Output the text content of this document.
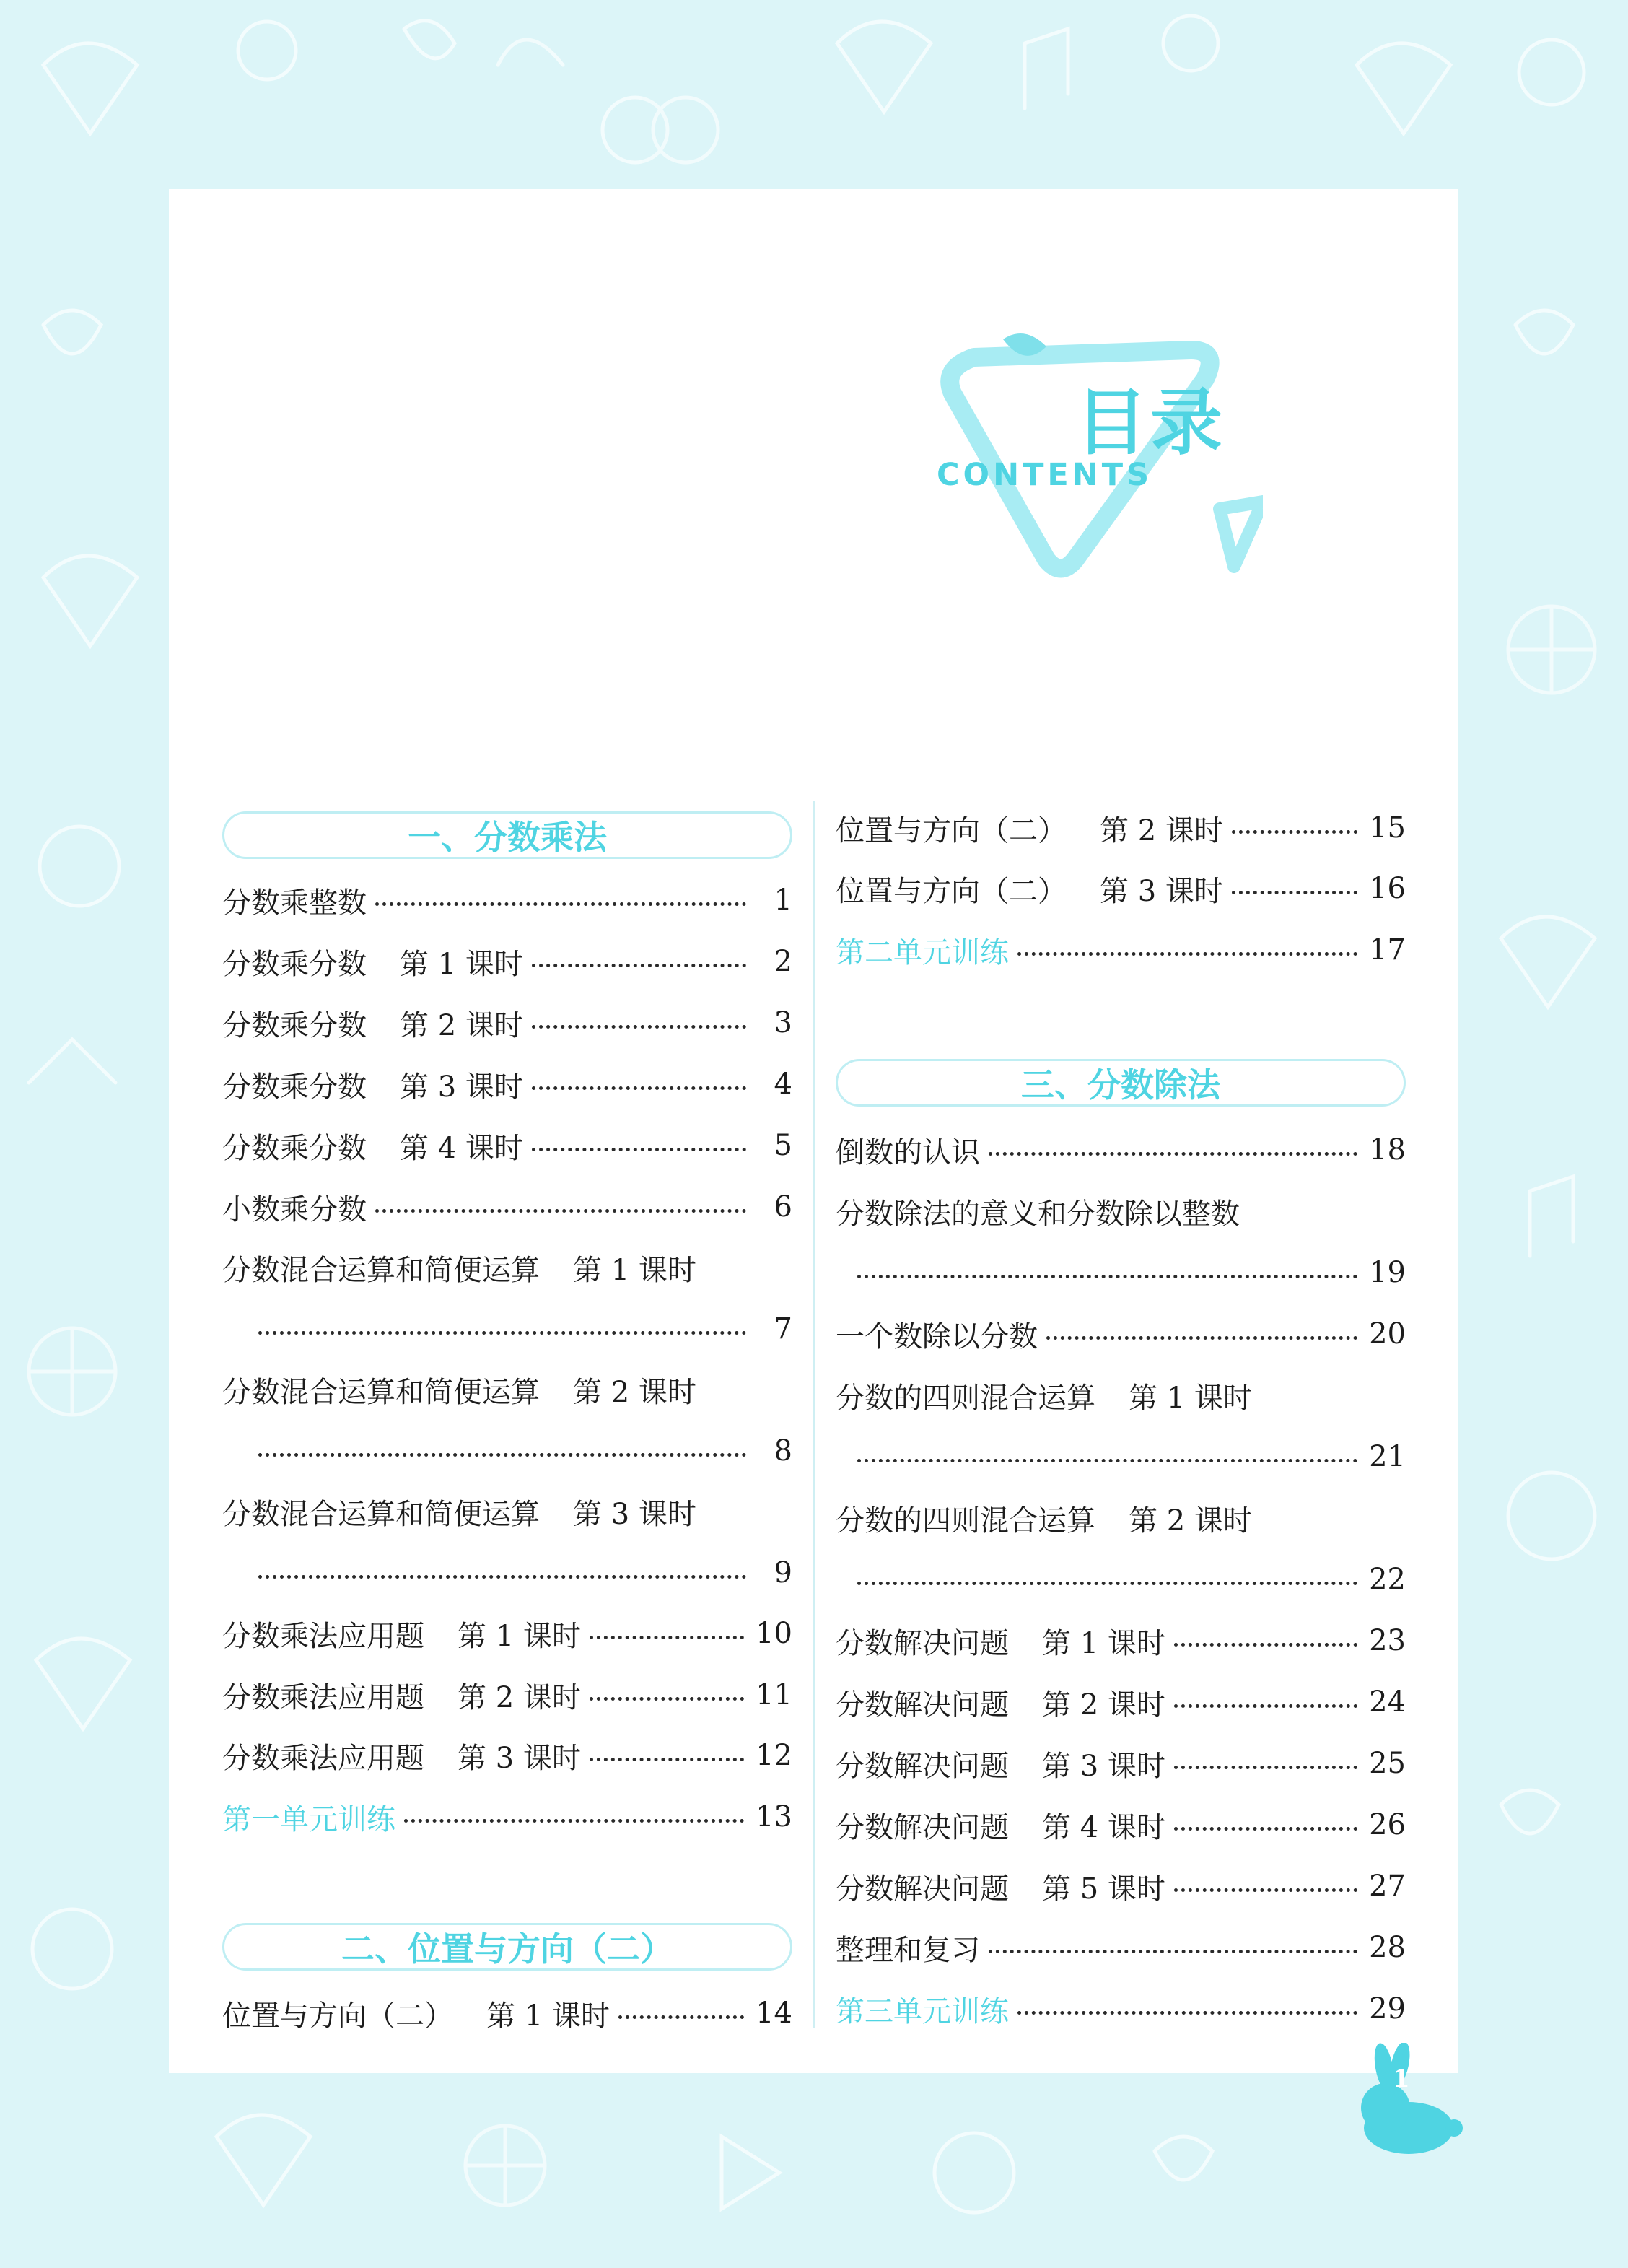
目录
CONTENTS
一、分数乘法
分数乘整数	1
分数乘分数 第 1 课时	2
分数乘分数 第 2 课时	3
分数乘分数 第 3 课时	4
分数乘分数 第 4 课时	5
小数乘分数	6
分数混合运算和简便运算 第 1 课时
7
分数混合运算和简便运算 第 2 课时
8
分数混合运算和简便运算 第 3 课时
9
分数乘法应用题 第 1 课时	10
分数乘法应用题 第 2 课时	11
分数乘法应用题 第 3 课时	12
第一单元训练	13
二、位置与方向（二）
位置与方向（二） 第 1 课时	14
位置与方向（二） 第 2 课时	15
位置与方向（二） 第 3 课时	16
第二单元训练	17
三、分数除法
倒数的认识	18
分数除法的意义和分数除以整数
19
一个数除以分数	20
分数的四则混合运算 第 1 课时
21
分数的四则混合运算 第 2 课时
22
分数解决问题 第 1 课时	23
分数解决问题 第 2 课时	24
分数解决问题 第 3 课时	25
分数解决问题 第 4 课时	26
分数解决问题 第 5 课时	27
整理和复习	28
第三单元训练	29
1
